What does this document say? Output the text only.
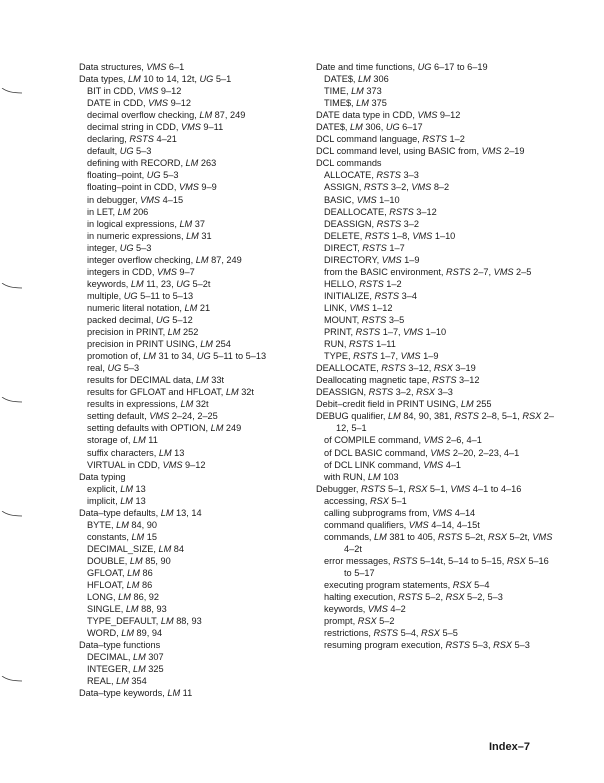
Data structures, VMS 6–1
Data types, LM 10 to 14, 12t, UG 5–1
BIT in CDD, VMS 9–12
DATE in CDD, VMS 9–12
decimal overflow checking, LM 87, 249
decimal string in CDD, VMS 9–11
declaring, RSTS 4–21
default, UG 5–3
defining with RECORD, LM 263
floating–point, UG 5–3
floating–point in CDD, VMS 9–9
in debugger, VMS 4–15
in LET, LM 206
in logical expressions, LM 37
in numeric expressions, LM 31
integer, UG 5–3
integer overflow checking, LM 87, 249
integers in CDD, VMS 9–7
keywords, LM 11, 23, UG 5–2t
multiple, UG 5–11 to 5–13
numeric literal notation, LM 21
packed decimal, UG 5–12
precision in PRINT, LM 252
precision in PRINT USING, LM 254
promotion of, LM 31 to 34, UG 5–11 to 5–13
real, UG 5–3
results for DECIMAL data, LM 33t
results for GFLOAT and HFLOAT, LM 32t
results in expressions, LM 32t
setting default, VMS 2–24, 2–25
setting defaults with OPTION, LM 249
storage of, LM 11
suffix characters, LM 13
VIRTUAL in CDD, VMS 9–12
Data typing
explicit, LM 13
implicit, LM 13
Data–type defaults, LM 13, 14
BYTE, LM 84, 90
constants, LM 15
DECIMAL_SIZE, LM 84
DOUBLE, LM 85, 90
GFLOAT, LM 86
HFLOAT, LM 86
LONG, LM 86, 92
SINGLE, LM 88, 93
TYPE_DEFAULT, LM 88, 93
WORD, LM 89, 94
Data–type functions
DECIMAL, LM 307
INTEGER, LM 325
REAL, LM 354
Data–type keywords, LM 11
Date and time functions, UG 6–17 to 6–19
DATE$, LM 306
TIME, LM 373
TIME$, LM 375
DATE data type in CDD, VMS 9–12
DATE$, LM 306, UG 6–17
DCL command language, RSTS 1–2
DCL command level, using BASIC from, VMS 2–19
DCL commands
ALLOCATE, RSTS 3–3
ASSIGN, RSTS 3–2, VMS 8–2
BASIC, VMS 1–10
DEALLOCATE, RSTS 3–12
DEASSIGN, RSTS 3–2
DELETE, RSTS 1–8, VMS 1–10
DIRECT, RSTS 1–7
DIRECTORY, VMS 1–9
from the BASIC environment, RSTS 2–7, VMS 2–5
HELLO, RSTS 1–2
INITIALIZE, RSTS 3–4
LINK, VMS 1–12
MOUNT, RSTS 3–5
PRINT, RSTS 1–7, VMS 1–10
RUN, RSTS 1–11
TYPE, RSTS 1–7, VMS 1–9
DEALLOCATE, RSTS 3–12, RSX 3–19
Deallocating magnetic tape, RSTS 3–12
DEASSIGN, RSTS 3–2, RSX 3–3
Debit–credit field in PRINT USING, LM 255
DEBUG qualifier, LM 84, 90, 381, RSTS 2–8, 5–1, RSX 2–12, 5–1
of COMPILE command, VMS 2–6, 4–1
of DCL BASIC command, VMS 2–20, 2–23, 4–1
of DCL LINK command, VMS 4–1
with RUN, LM 103
Debugger, RSTS 5–1, RSX 5–1, VMS 4–1 to 4–16
accessing, RSX 5–1
calling subprograms from, VMS 4–14
command qualifiers, VMS 4–14, 4–15t
commands, LM 381 to 405, RSTS 5–2t, RSX 5–2t, VMS 4–2t
error messages, RSTS 5–14t, 5–14 to 5–15, RSX 5–16 to 5–17
executing program statements, RSX 5–4
halting execution, RSTS 5–2, RSX 5–2, 5–3
keywords, VMS 4–2
prompt, RSX 5–2
restrictions, RSTS 5–4, RSX 5–5
resuming program execution, RSTS 5–3, RSX 5–3
Index–7
